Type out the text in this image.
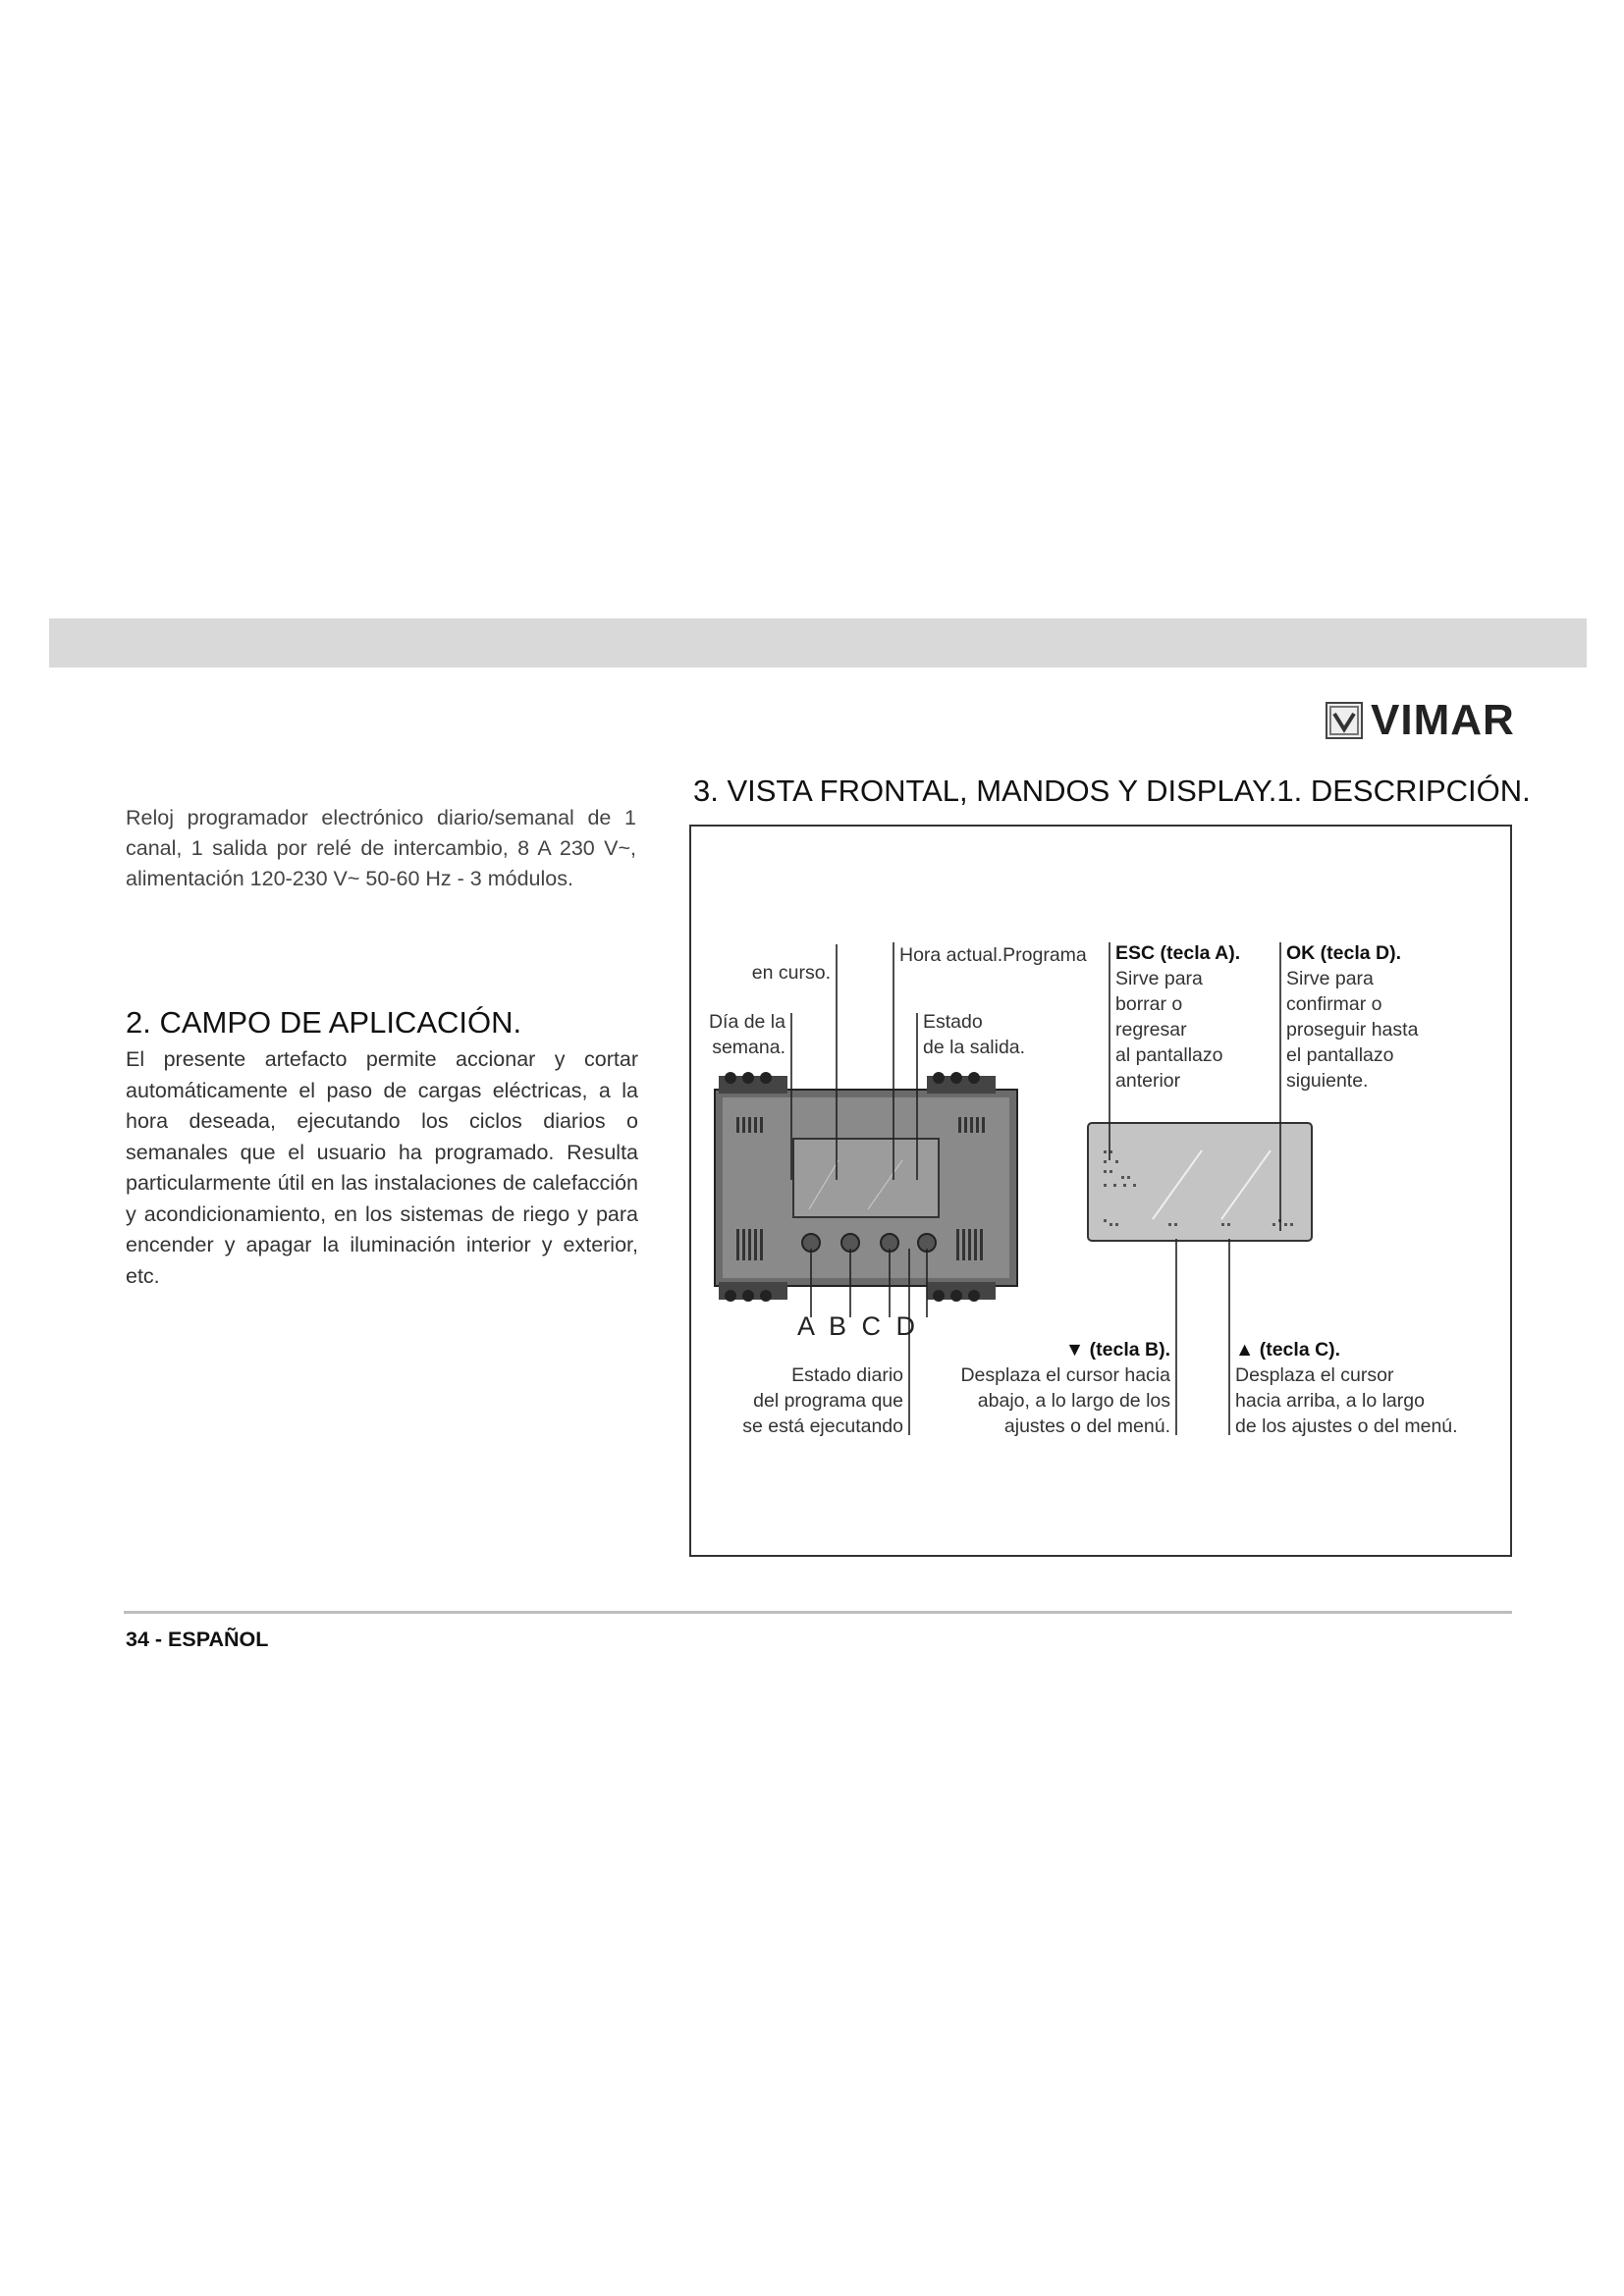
VIMAR

Reloj programador electrónico diario/semanal de 1 canal, 1 salida por relé de intercambio, 8 A 230 V~, alimentación 120-230 V~ 50-60 Hz - 3 módulos.

2. CAMPO DE APLICACIÓN.

El presente artefacto permite accionar y cortar automáticamente el paso de cargas eléctricas, a la hora deseada, ejecutando los ciclos diarios o semanales que el usuario ha programado. Resulta particularmente útil en las instalaciones de calefacción y acondicionamiento, en los sistemas de riego y para encender y apagar la iluminación interior y exterior, etc.

3. VISTA FRONTAL, MANDOS Y DISPLAY.1. DESCRIPCIÓN.
en curso.
Hora actual.Programa
Día de la
semana.
Estado
de la salida.
ESC (tecla A).
Sirve para
borrar o
regresar
al pantallazo
anterior
OK (tecla D).
Sirve para
confirmar o
proseguir hasta
el pantallazo
siguiente.
A B C D
Estado diario
del programa que
se está ejecutando
▼ (tecla B).
Desplaza el cursor hacia
abajo, a lo largo de los
ajustes o del menú.
▲ (tecla C).
Desplaza el cursor
hacia arriba, a lo largo
de los ajustes o del menú.
34 - ESPAÑOL
